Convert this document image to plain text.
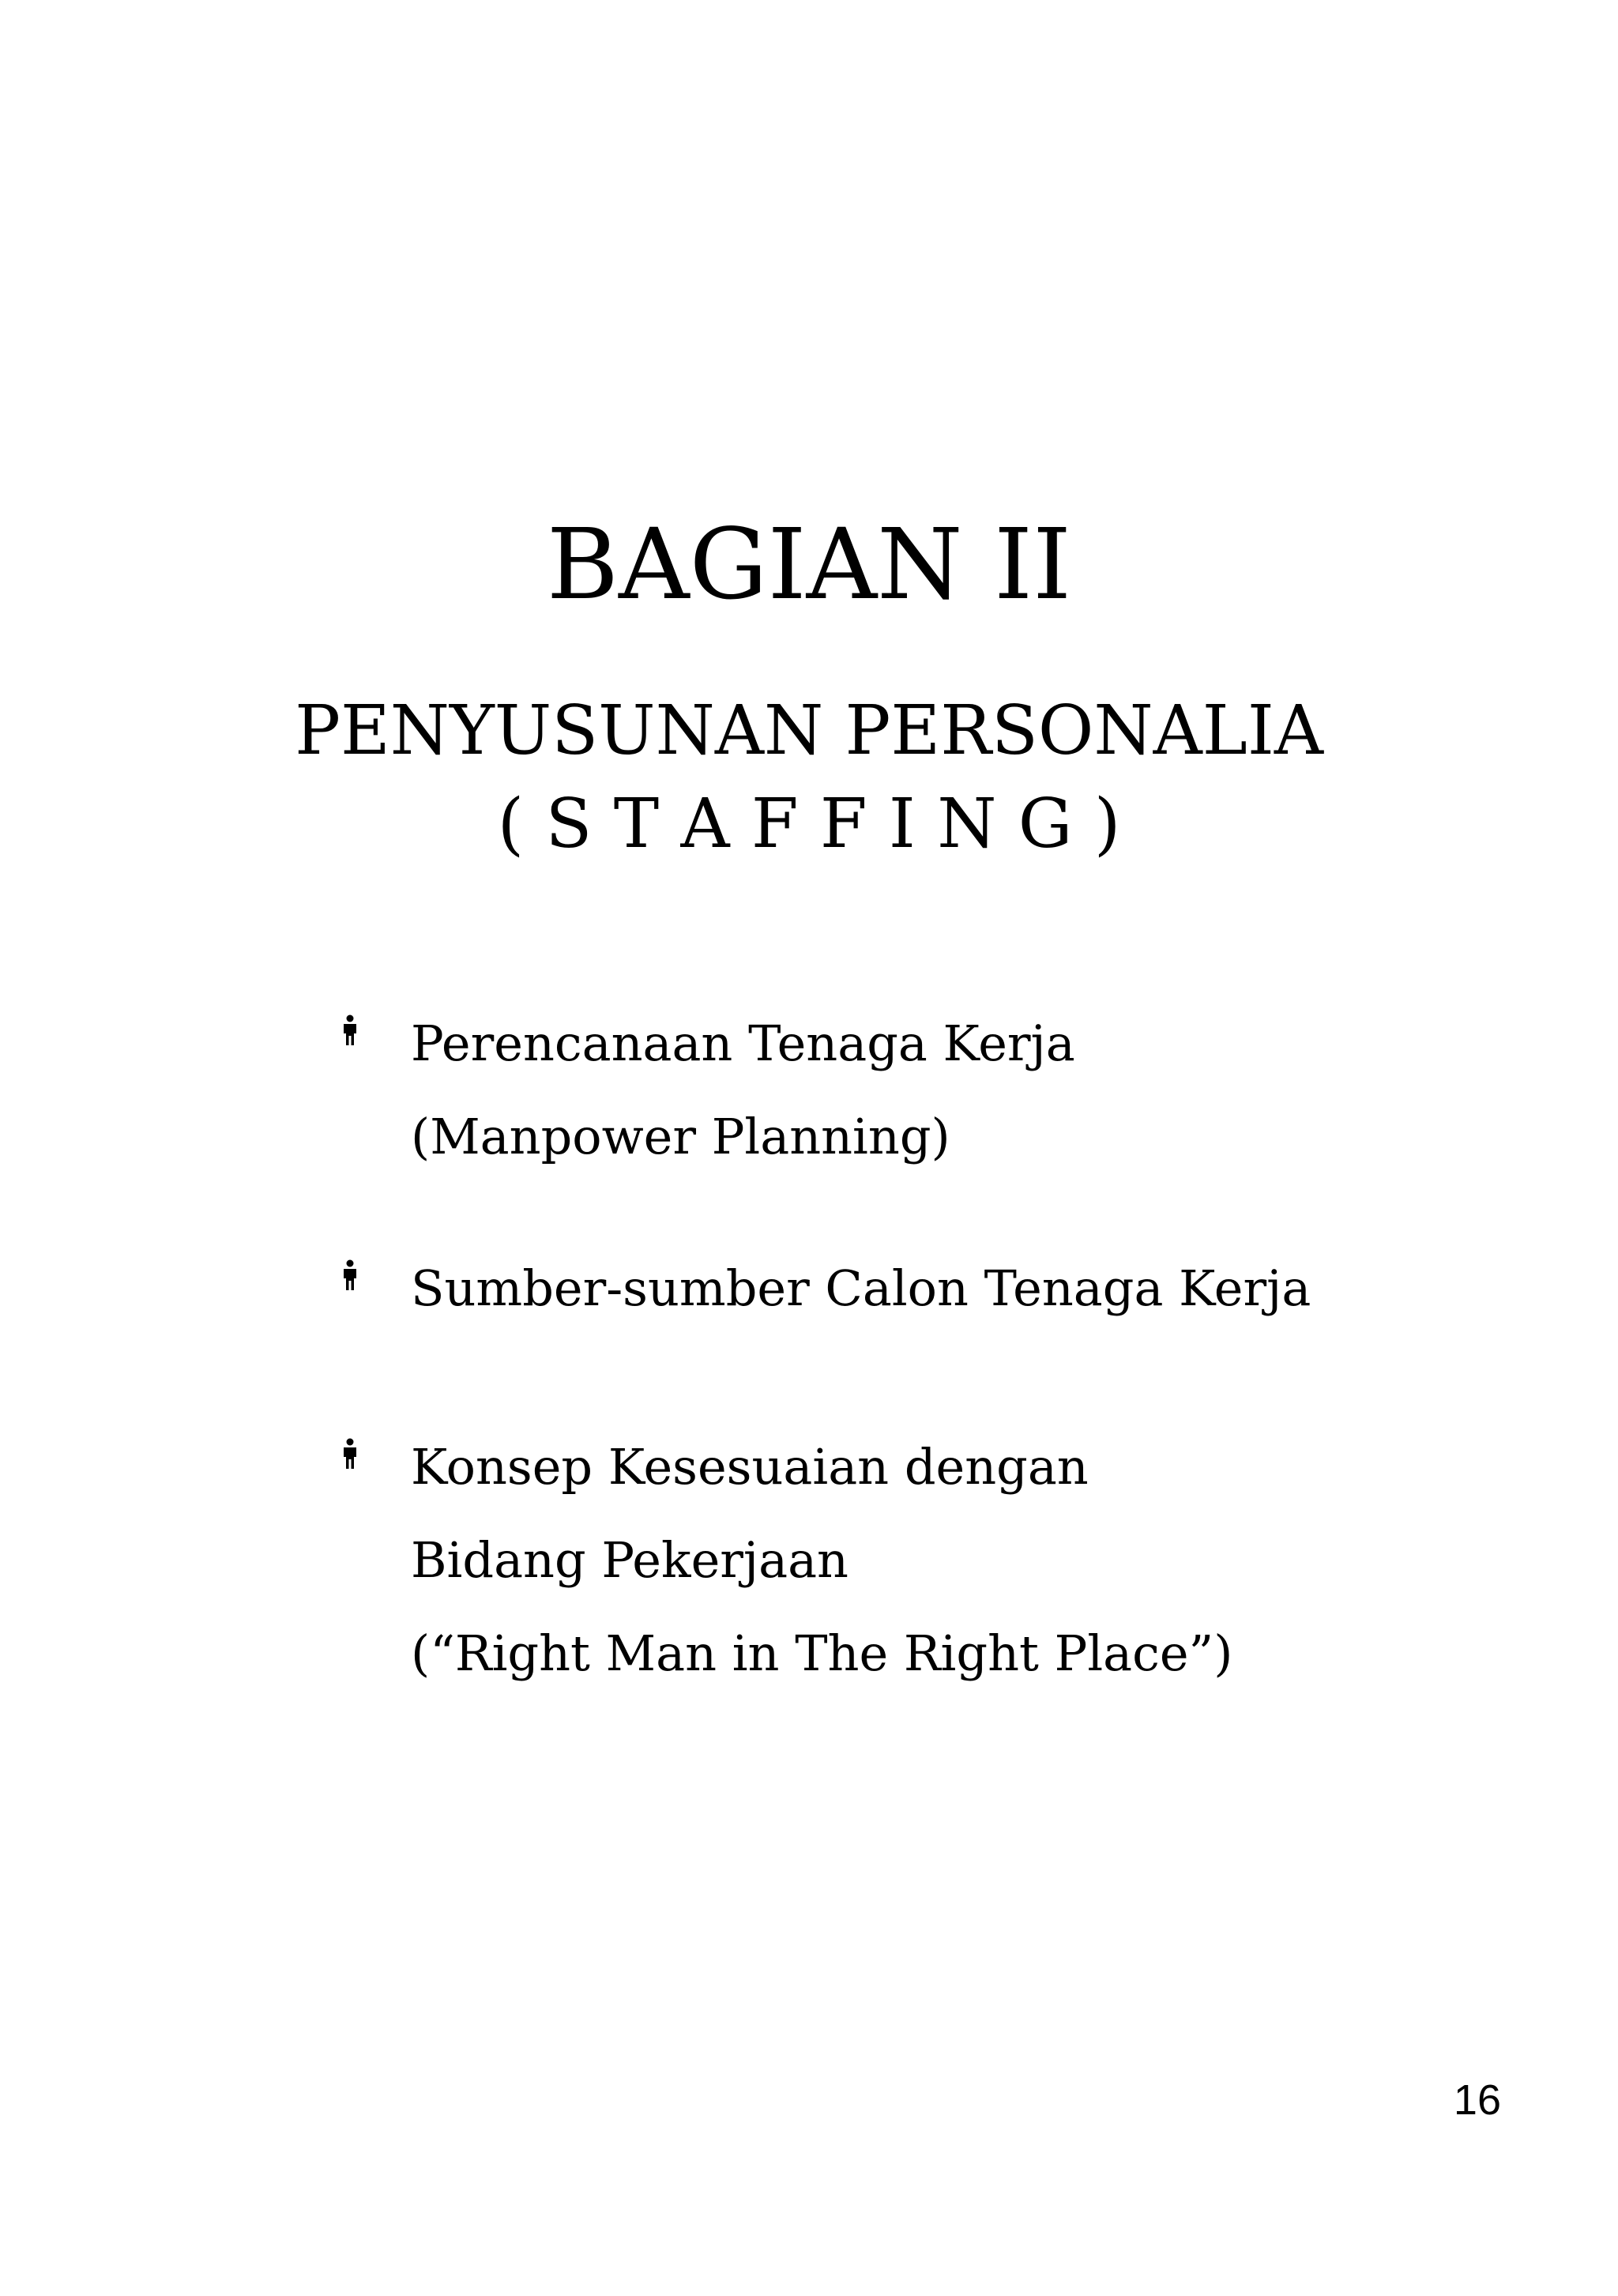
BAGIAN II
PENYUSUNAN PERSONALIA
( S T A F F I N G )
Perencanaan Tenaga Kerja
(Manpower Planning)
Sumber-sumber Calon Tenaga Kerja
Konsep Kesesuaian dengan
Bidang Pekerjaan
(“Right Man in The Right Place”)
16
